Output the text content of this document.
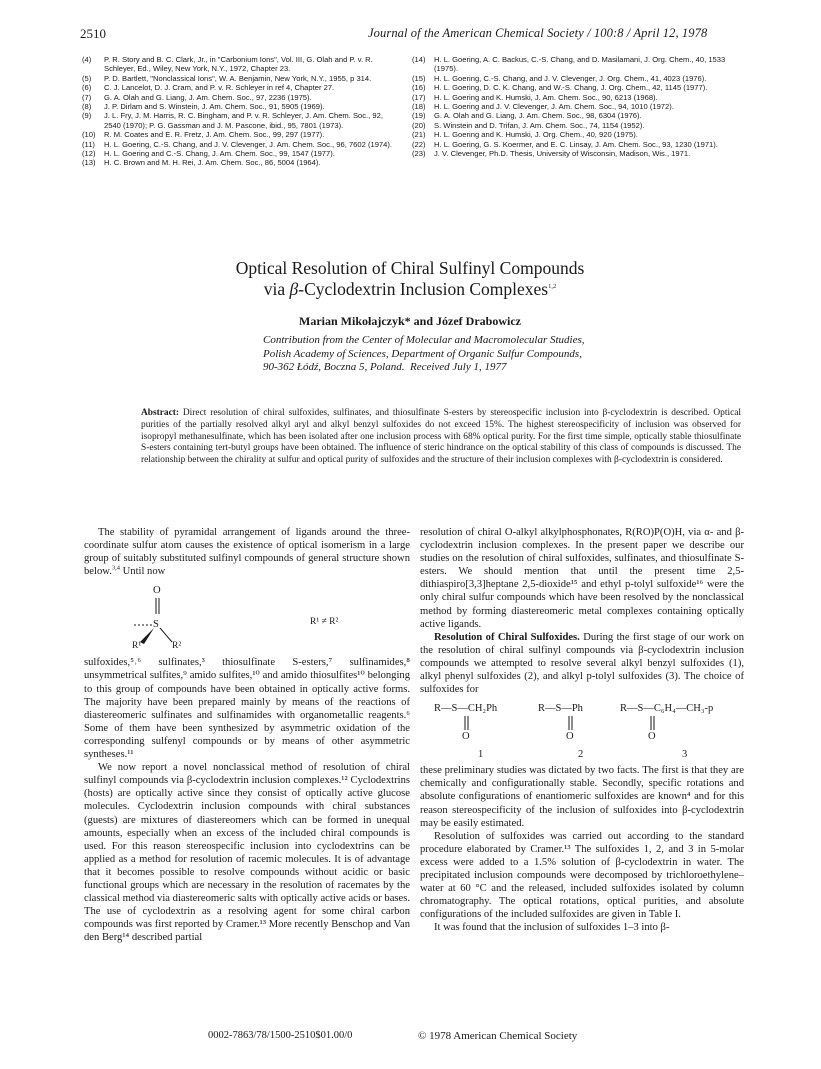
2510	Journal of the American Chemical Society / 100:8 / April 12, 1978
(4)	P. R. Story and B. C. Clark, Jr., in "Carbonium Ions", Vol. III, G. Olah and P. v. R. Schleyer, Ed., Wiley, New York, N.Y., 1972, Chapter 23.
(5)	P. D. Bartlett, "Nonclassical Ions", W. A. Benjamin, New York, N.Y., 1955, p 314.
(6)	C. J. Lancelot, D. J. Cram, and P. v. R. Schleyer in ref 4, Chapter 27.
(7)	G. A. Olah and G. Liang, J. Am. Chem. Soc., 97, 2236 (1975).
(8)	J. P. Dirlam and S. Winstein, J. Am. Chem. Soc., 91, 5905 (1969).
(9)	J. L. Fry, J. M. Harris, R. C. Bingham, and P. v. R. Schleyer, J. Am. Chem. Soc., 92, 2540 (1970); P. G. Gassman and J. M. Pascone, ibid., 95, 7801 (1973).
(10)	R. M. Coates and E. R. Fretz, J. Am. Chem. Soc., 99, 297 (1977).
(11)	H. L. Goering, C.-S. Chang, and J. V. Clevenger, J. Am. Chem. Soc., 96, 7602 (1974).
(12)	H. L. Goering and C.-S. Chang, J. Am. Chem. Soc., 99, 1547 (1977).
(13)	H. C. Brown and M. H. Rei, J. Am. Chem. Soc., 86, 5004 (1964).
(14)	H. L. Goering, A. C. Backus, C.-S. Chang, and D. Masilamani, J. Org. Chem., 40, 1533 (1975).
(15)	H. L. Goering, C.-S. Chang, and J. V. Clevenger, J. Org. Chem., 41, 4023 (1976).
(16)	H. L. Goering, D. C. K. Chang, and W.-S. Chang, J. Org. Chem., 42, 1145 (1977).
(17)	H. L. Goering and K. Humski, J. Am. Chem. Soc., 90, 6213 (1968).
(18)	H. L. Goering and J. V. Clevenger, J. Am. Chem. Soc., 94, 1010 (1972).
(19)	G. A. Olah and G. Liang, J. Am. Chem. Soc., 98, 6304 (1976).
(20)	S. Winstein and D. Trifan, J. Am. Chem. Soc., 74, 1154 (1952).
(21)	H. L. Goering and K. Humski, J. Org. Chem., 40, 920 (1975).
(22)	H. L. Goering, G. S. Koermer, and E. C. Linsay, J. Am. Chem. Soc., 93, 1230 (1971).
(23)	J. V. Clevenger, Ph.D. Thesis, University of Wisconsin, Madison, Wis., 1971.
Optical Resolution of Chiral Sulfinyl Compounds
via β-Cyclodextrin Inclusion Complexes$^{1,2}$
Marian Mikołajczyk* and Józef Drabowicz
Contribution from the Center of Molecular and Macromolecular Studies,
Polish Academy of Sciences, Department of Organic Sulfur Compounds,
90-362 Łódź, Boczna 5, Poland. Received July 1, 1977
Abstract: Direct resolution of chiral sulfoxides, sulfinates, and thiosulfinate S-esters by stereospecific inclusion into β-cyclodextrin is described. Optical purities of the partially resolved alkyl aryl and alkyl benzyl sulfoxides do not exceed 15%. The highest stereospecificity of inclusion was observed for isopropyl methanesulfinate, which has been isolated after one inclusion process with 68% optical purity. For the first time simple, optically stable thiosulfinate S-esters containing tert-butyl groups have been obtained. The influence of steric hindrance on the optical stability of this class of compounds is discussed. The relationship between the chirality at sulfur and optical purity of sulfoxides and the structure of their inclusion complexes with β-cyclodextrin is considered.

The stability of pyramidal arrangement of ligands around the three-coordinate sulfur atom causes the existence of optical isomerism in a large group of suitably substituted sulfinyl compounds of general structure shown below.$^{3,4}$ Until now

O
S
R¹	R²
R¹ ≠ R²

sulfoxides,⁵˒⁶ sulfinates,³ thiosulfinate S-esters,⁷ sulfinamides,⁸ unsymmetrical sulfites,⁹ amido sulfites,¹⁰ and amido thiosulfites¹⁰ belonging to this group of compounds have been obtained in optically active forms. The majority have been prepared mainly by means of the reactions of diastereomeric sulfinates and sulfinamides with organometallic reagents.⁶ Some of them have been synthesized by asymmetric oxidation of the corresponding sulfenyl compounds or by means of other asymmetric syntheses.¹¹

We now report a novel nonclassical method of resolution of chiral sulfinyl compounds via β-cyclodextrin inclusion complexes.¹² Cyclodextrins (hosts) are optically active since they consist of optically active glucose molecules. Cyclodextrin inclusion compounds with chiral substances (guests) are mixtures of diastereomers which can be formed in unequal amounts, especially when an excess of the included chiral compounds is used. For this reason stereospecific inclusion into cyclodextrins can be applied as a method for resolution of racemic molecules. It is of advantage that it becomes possible to resolve compounds without acidic or basic functional groups which are necessary in the resolution of racemates by the classical method via diastereomeric salts with optically active acids or bases. The use of cyclodextrin as a resolving agent for some chiral carbon compounds was first reported by Cramer.¹³ More recently Benschop and Van den Berg¹⁴ described partial

resolution of chiral O-alkyl alkylphosphonates, R(RO)P(O)H, via α- and β-cyclodextrin inclusion complexes. In the present paper we describe our studies on the resolution of chiral sulfoxides, sulfinates, and thiosulfinate S-esters. We should mention that until the present time 2,5-dithiaspiro[3,3]heptane 2,5-dioxide¹⁵ and ethyl p-tolyl sulfoxide¹⁶ were the only chiral sulfur compounds which have been resolved by the nonclassical method by forming diastereomeric metal complexes containing optically active ligands.

Resolution of Chiral Sulfoxides. During the first stage of our work on the resolution of chiral sulfinyl compounds via β-cyclodextrin inclusion compounds we attempted to resolve several alkyl benzyl sulfoxides (1), alkyl phenyl sulfoxides (2), and alkyl p-tolyl sulfoxides (3). The choice of sulfoxides for

R—S—CH₂Ph	R—S—Ph	R—S—C₆H₄—CH₃-p
O	O	O
1	2	3

these preliminary studies was dictated by two facts. The first is that they are chemically and configurationally stable. Secondly, specific rotations and absolute configurations of enantiomeric sulfoxides are known⁴ and for this reason stereospecificity of the inclusion of sulfoxides into β-cyclodextrin may be easily estimated.

Resolution of sulfoxides was carried out according to the standard procedure elaborated by Cramer.¹³ The sulfoxides 1, 2, and 3 in 5-molar excess were added to a 1.5% solution of β-cyclodextrin in water. The precipitated inclusion compounds were decomposed by trichloroethylene–water at 60 °C and the released, included sulfoxides isolated by column chromatography. The optical rotations, optical purities, and absolute configurations of the included sulfoxides are given in Table I.

It was found that the inclusion of sulfoxides 1–3 into β-

0002-7863/78/1500-2510$01.00/0	© 1978 American Chemical Society
